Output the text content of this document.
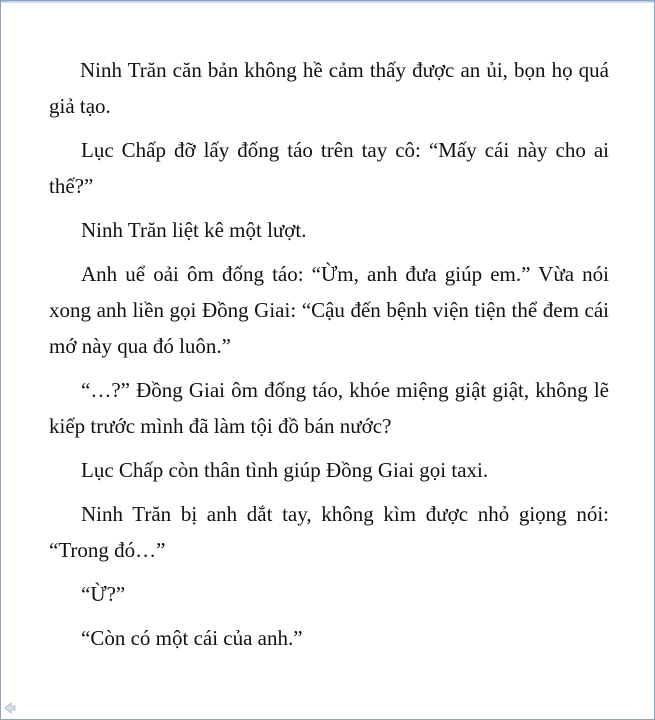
Ninh Trăn căn bản không hề cảm thấy được an ủi, bọn họ quá giả tạo.

Lục Chấp đỡ lấy đống táo trên tay cô: “Mấy cái này cho ai thế?”

Ninh Trăn liệt kê một lượt.

Anh uể oải ôm đống táo: “Ừm, anh đưa giúp em.” Vừa nói xong anh liền gọi Đồng Giai: “Cậu đến bệnh viện tiện thể đem cái mớ này qua đó luôn.”

“…?” Đồng Giai ôm đống táo, khóe miệng giật giật, không lẽ kiếp trước mình đã làm tội đồ bán nước?

Lục Chấp còn thân tình giúp Đồng Giai gọi taxi.

Ninh Trăn bị anh dắt tay, không kìm được nhỏ giọng nói: “Trong đó…”

“Ừ?”

“Còn có một cái của anh.”
